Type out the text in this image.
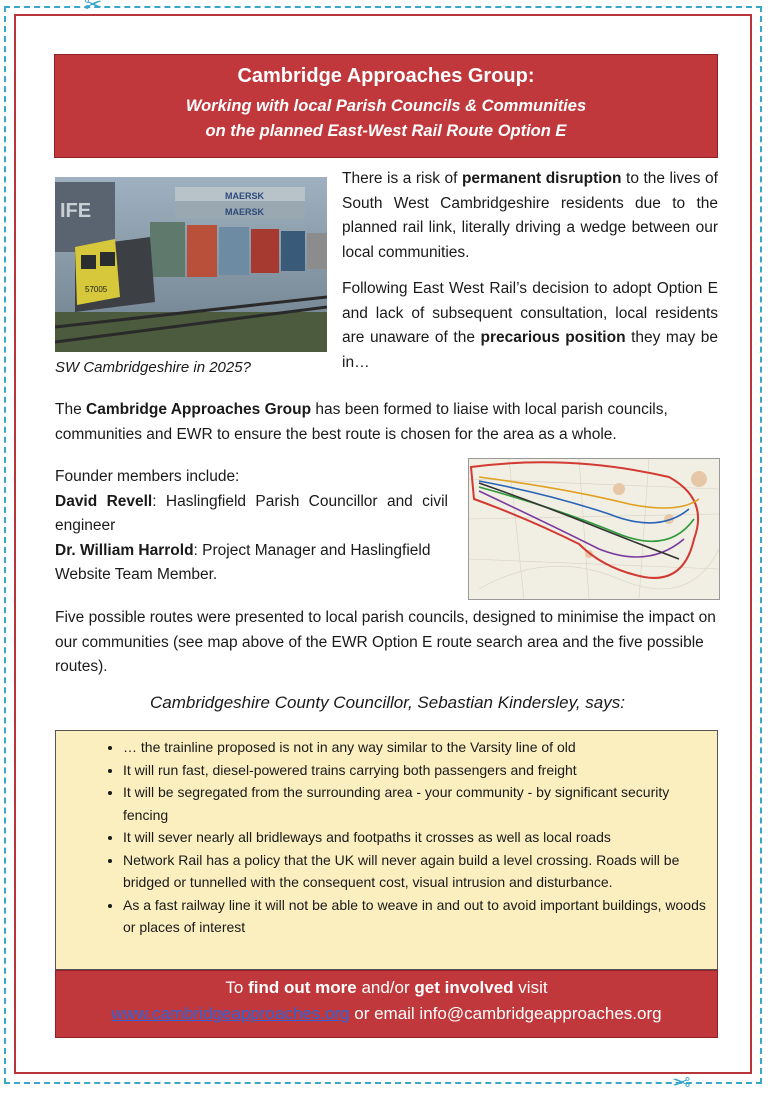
✂
✂
Cambridge Approaches Group:
Working with local Parish Councils & Communities
on the planned East-West Rail Route Option E
IFE
MAERSK
MAERSK
57005
SW Cambridgeshire in 2025?

There is a risk of permanent disruption to the lives of South West Cambridgeshire residents due to the planned rail link, literally driving a wedge between our local communities.

Following East West Rail’s decision to adopt Option E and lack of subsequent consultation, local residents are unaware of the precarious position they may be in…

The Cambridge Approaches Group has been formed to liaise with local parish councils, communities and EWR to ensure the best route is chosen for the area as a whole.
Founder members include:
David Revell: Haslingfield Parish Councillor and civil engineer
Dr. William Harrold: Project Manager and Haslingfield Website Team Member.
Five possible routes were presented to local parish councils, designed to minimise the impact on our communities (see map above of the EWR Option E route search area and the five possible routes).
Cambridgeshire County Councillor, Sebastian Kindersley, says:
• … the trainline proposed is not in any way similar to the Varsity line of old
• It will run fast, diesel-powered trains carrying both passengers and freight
• It will be segregated from the surrounding area - your community - by significant security fencing
• It will sever nearly all bridleways and footpaths it crosses as well as local roads
• Network Rail has a policy that the UK will never again build a level crossing. Roads will be bridged or tunnelled with the consequent cost, visual intrusion and disturbance.
• As a fast railway line it will not be able to weave in and out to avoid important buildings, woods or places of interest
To find out more and/or get involved visit
www.cambridgeapproaches.org or email info@cambridgeapproaches.org
